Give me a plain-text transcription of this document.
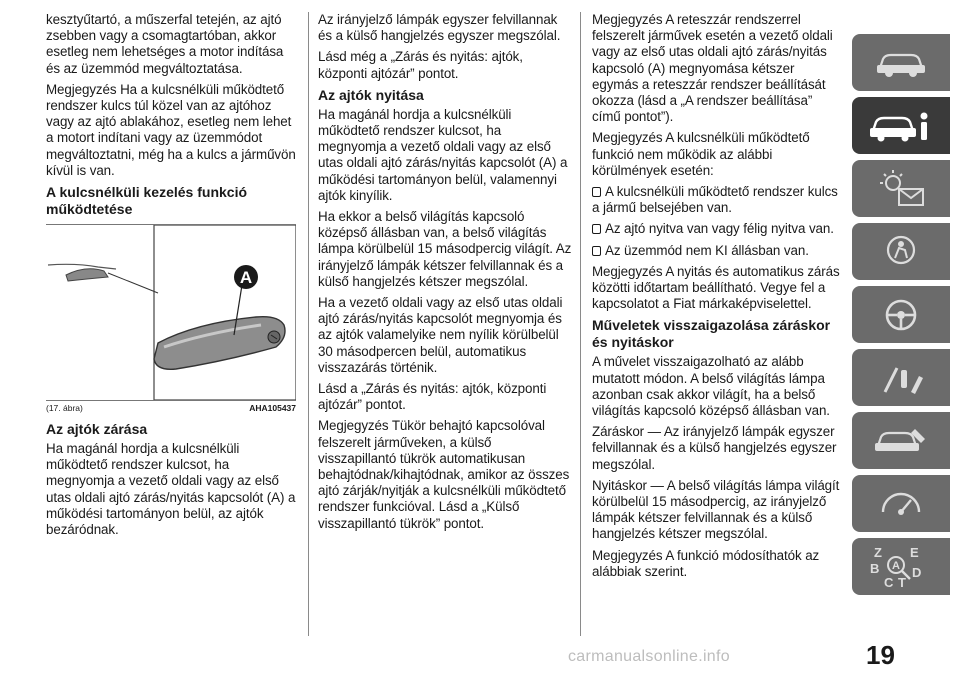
kesztyűtartó, a műszerfal tetején, az ajtó zsebben vagy a csomagtartóban, akkor esetleg nem lehetséges a motor indítása és az üzemmód megváltoztatása.

Megjegyzés Ha a kulcsnélküli működtető rendszer kulcs túl közel van az ajtóhoz vagy az ajtó ablakához, esetleg nem lehet a motort indítani vagy az üzemmódot megváltoztatni, még ha a kulcs a járművön kívül is van.

A kulcsnélküli kezelés funkció működtetése
A
(17. ábra)	AHA105437
Az ajtók zárása

Ha magánál hordja a kulcsnélküli működtető rendszer kulcsot, ha megnyomja a vezető oldali vagy az első utas oldali ajtó zárás/nyitás kapcsolót (A) a működési tartományon belül, az ajtók bezáródnak.

Az irányjelző lámpák egyszer felvillannak és a külső hangjelzés egyszer megszólal.

Lásd még a „Zárás és nyitás: ajtók, központi ajtózár” pontot.

Az ajtók nyitása

Ha magánál hordja a kulcsnélküli működtető rendszer kulcsot, ha megnyomja a vezető oldali vagy az első utas oldali ajtó zárás/nyitás kapcsolót (A) a működési tartományon belül, valamennyi ajtók kinyílik.

Ha ekkor a belső világítás kapcsoló középső állásban van, a belső világítás lámpa körülbelül 15 másodpercig világít. Az irányjelző lámpák kétszer felvillannak és a külső hangjelzés kétszer megszólal.

Ha a vezető oldali vagy az első utas oldali ajtó zárás/nyitás kapcsolót megnyomja és az ajtók valamelyike nem nyílik körülbelül 30 másodpercen belül, automatikus visszazárás történik.

Lásd a „Zárás és nyitás: ajtók, központi ajtózár” pontot.

Megjegyzés Tükör behajtó kapcsolóval felszerelt járműveken, a külső visszapillantó tükrök automatikusan behajtódnak/kihajtódnak, amikor az összes ajtó zárják/nyitják a kulcsnélküli működtető rendszer funkcióval. Lásd a „Külső visszapillantó tükrök” pontot.

Megjegyzés A reteszzár rendszerrel felszerelt járművek esetén a vezető oldali vagy az első utas oldali ajtó zárás/nyitás kapcsoló (A) megnyomása kétszer egymás a reteszzár rendszer beállítását okozza (lásd a „A rendszer beállítása” című pontot”).

Megjegyzés A kulcsnélküli működtető funkció nem működik az alábbi körülmények esetén:

A kulcsnélküli működtető rendszer kulcs a jármű belsejében van.

Az ajtó nyitva van vagy félig nyitva van.

Az üzemmód nem KI állásban van.

Megjegyzés A nyitás és automatikus zárás közötti időtartam beállítható. Vegye fel a kapcsolatot a Fiat márkaképviselettel.

Műveletek visszaigazolása záráskor és nyitáskor

A művelet visszaigazolható az alább mutatott módon. A belső világítás lámpa azonban csak akkor világít, ha a belső világítás kapcsoló középső állásban van.

Záráskor — Az irányjelző lámpák egyszer felvillannak és a külső hangjelzés egyszer megszólal.

Nyitáskor — A belső világítás lámpa világít körülbelül 15 másodpercig, az irányjelző lámpák kétszer felvillannak és a külső hangjelzés kétszer megszólal.

Megjegyzés A funkció módosíthatók az alábbiak szerint.

Z E
B	D
C T
A
carmanualsonline.info	19
